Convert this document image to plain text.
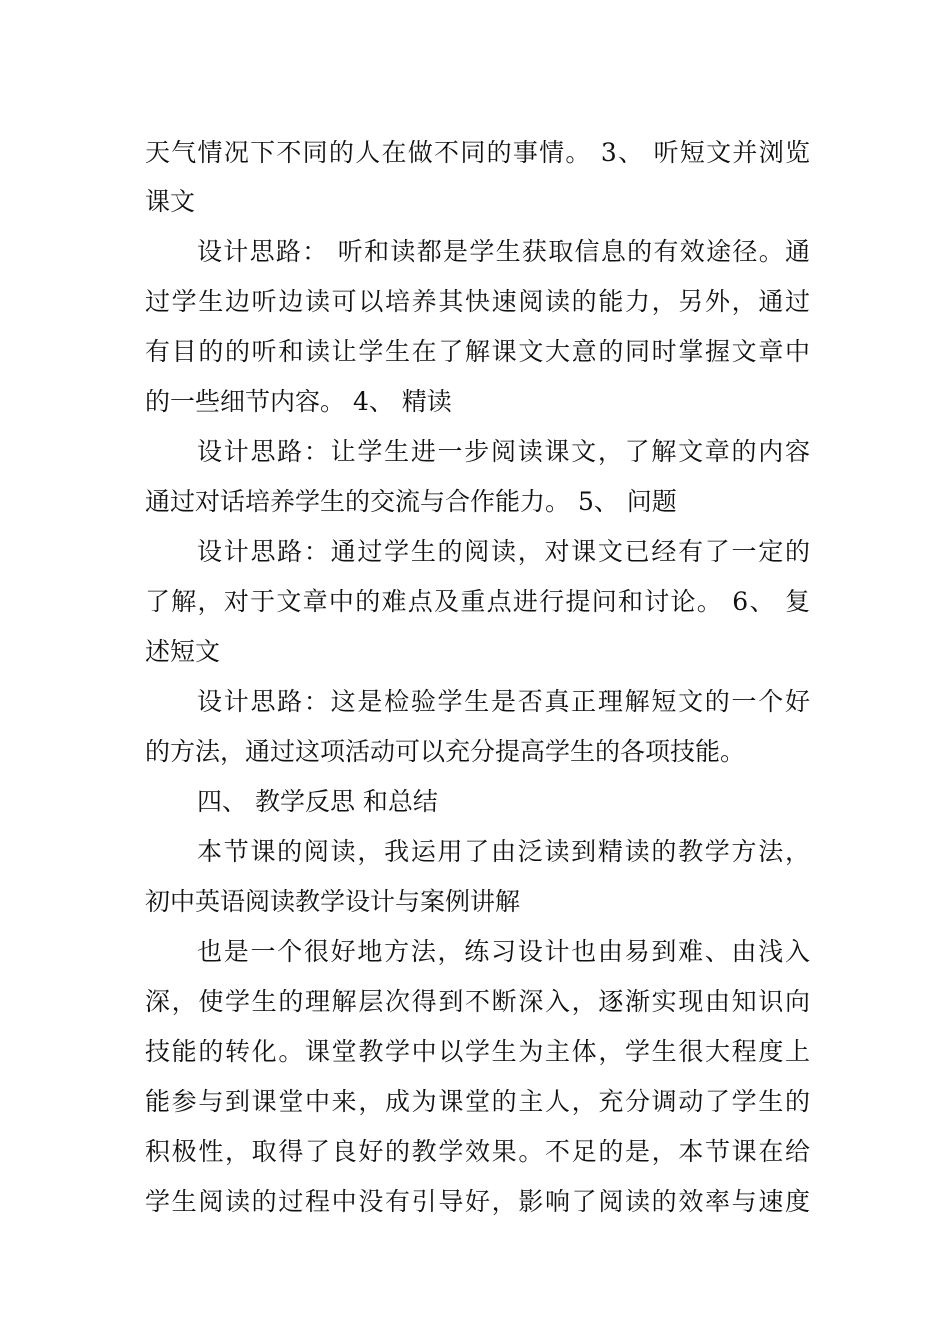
天气情况下不同的人在做不同的事情。 3、 听短文并浏览
课文
设计思路： 听和读都是学生获取信息的有效途径。通
过学生边听边读可以培养其快速阅读的能力，另外，通过
有目的的听和读让学生在了解课文大意的同时掌握文章中
的一些细节内容。 4、 精读
设计思路：让学生进一步阅读课文，了解文章的内容
通过对话培养学生的交流与合作能力。 5、 问题
设计思路：通过学生的阅读，对课文已经有了一定的
了解，对于文章中的难点及重点进行提问和讨论。 6、 复
述短文
设计思路：这是检验学生是否真正理解短文的一个好
的方法，通过这项活动可以充分提高学生的各项技能。
四、 教学反思 和总结
本节课的阅读，我运用了由泛读到精读的教学方法，
初中英语阅读教学设计与案例讲解
也是一个很好地方法，练习设计也由易到难、由浅入
深，使学生的理解层次得到不断深入，逐渐实现由知识向
技能的转化。课堂教学中以学生为主体，学生很大程度上
能参与到课堂中来，成为课堂的主人，充分调动了学生的
积极性，取得了良好的教学效果。不足的是，本节课在给
学生阅读的过程中没有引导好，影响了阅读的效率与速度
